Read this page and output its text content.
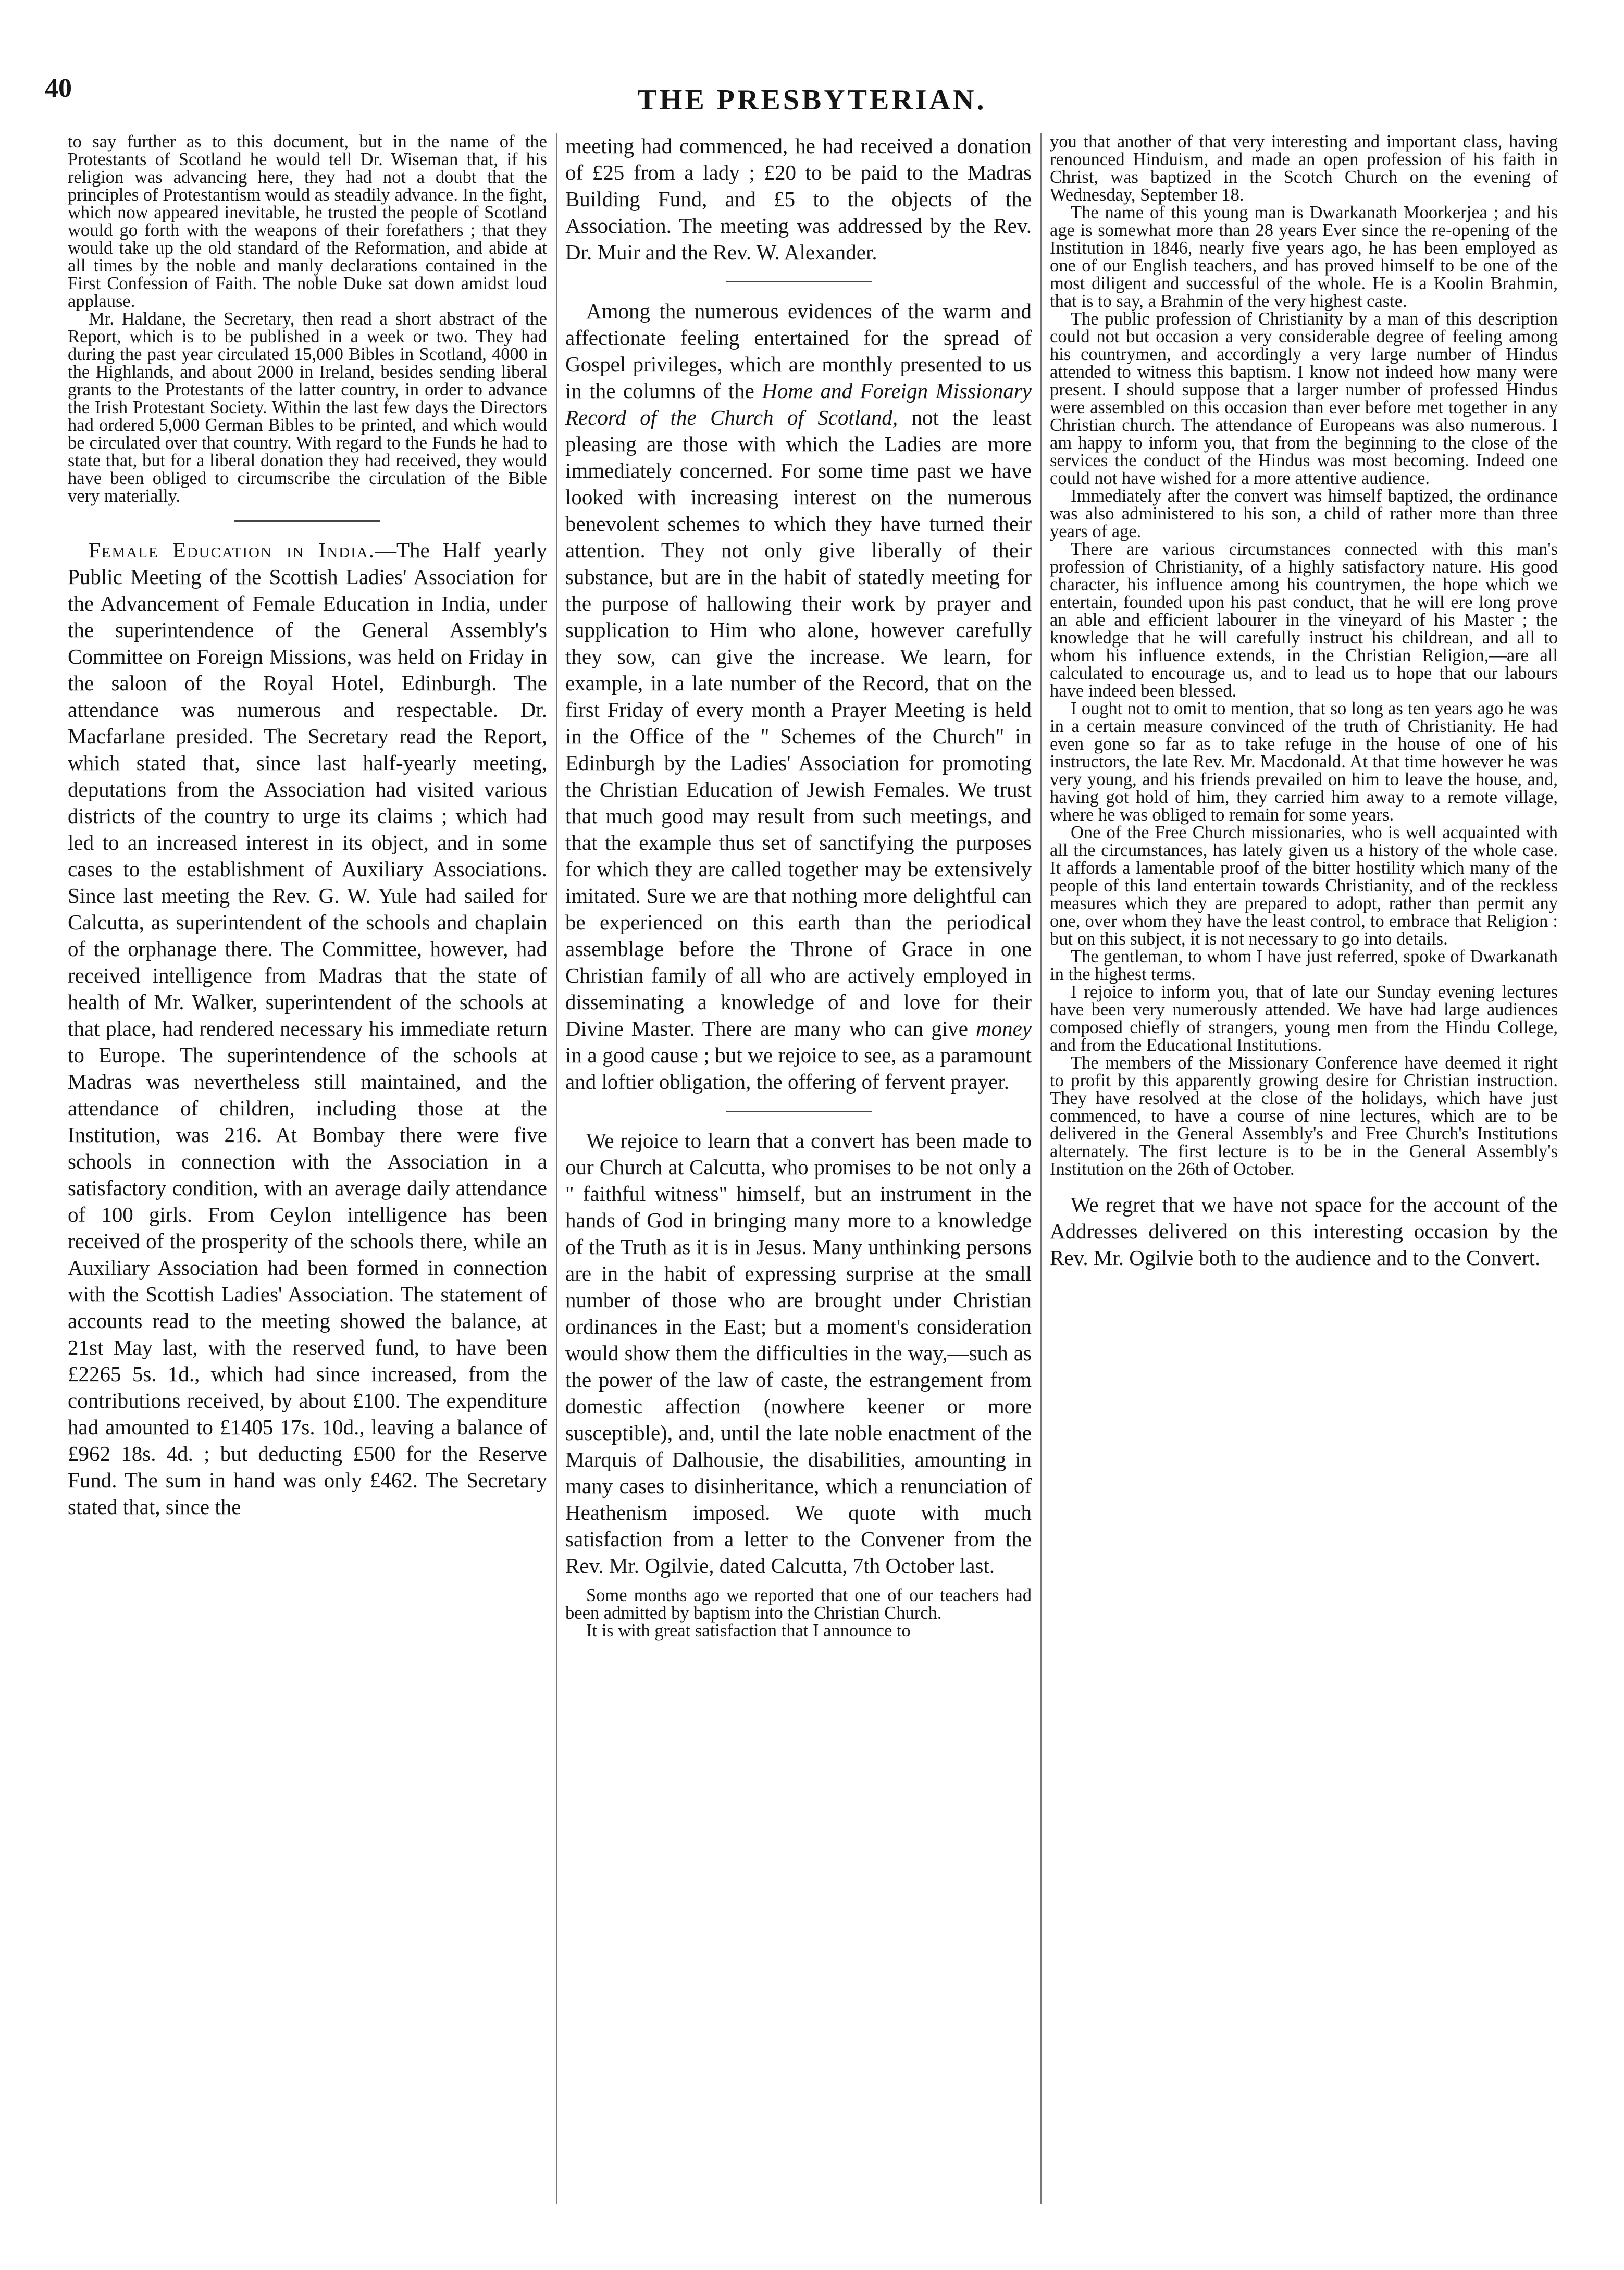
40	THE PRESBYTERIAN.

to say further as to this document, but in the name of the Protestants of Scotland he would tell Dr. Wiseman that, if his religion was advancing here, they had not a doubt that the principles of Protestantism would as steadily advance. In the fight, which now appeared inevitable, he trusted the people of Scotland would go forth with the weapons of their forefathers ; that they would take up the old standard of the Reformation, and abide at all times by the noble and manly declarations contained in the First Confession of Faith. The noble Duke sat down amidst loud applause.

Mr. Haldane, the Secretary, then read a short abstract of the Report, which is to be published in a week or two. They had during the past year circulated 15,000 Bibles in Scotland, 4000 in the Highlands, and about 2000 in Ireland, besides sending liberal grants to the Protestants of the latter country, in order to advance the Irish Protestant Society. Within the last few days the Directors had ordered 5,000 German Bibles to be printed, and which would be circulated over that country. With regard to the Funds he had to state that, but for a liberal donation they had received, they would have been obliged to circumscribe the circulation of the Bible very materially.

Female Education in India.—The Half yearly Public Meeting of the Scottish Ladies' Association for the Advancement of Female Education in India, under the superintendence of the General Assembly's Committee on Foreign Missions, was held on Friday in the saloon of the Royal Hotel, Edinburgh. The attendance was numerous and respectable. Dr. Macfarlane presided. The Secretary read the Report, which stated that, since last half-yearly meeting, deputations from the Association had visited various districts of the country to urge its claims ; which had led to an increased interest in its object, and in some cases to the establishment of Auxiliary Associations. Since last meeting the Rev. G. W. Yule had sailed for Calcutta, as superintendent of the schools and chaplain of the orphanage there. The Committee, however, had received intelligence from Madras that the state of health of Mr. Walker, superintendent of the schools at that place, had rendered necessary his immediate return to Europe. The superintendence of the schools at Madras was nevertheless still maintained, and the attendance of children, including those at the Institution, was 216. At Bombay there were five schools in connection with the Association in a satisfactory condition, with an average daily attendance of 100 girls. From Ceylon intelligence has been received of the prosperity of the schools there, while an Auxiliary Association had been formed in connection with the Scottish Ladies' Association. The statement of accounts read to the meeting showed the balance, at 21st May last, with the reserved fund, to have been £2265 5s. 1d., which had since increased, from the contributions received, by about £100. The expenditure had amounted to £1405 17s. 10d., leaving a balance of £962 18s. 4d. ; but deducting £500 for the Reserve Fund. The sum in hand was only £462. The Secretary stated that, since the

meeting had commenced, he had received a donation of £25 from a lady ; £20 to be paid to the Madras Building Fund, and £5 to the objects of the Association. The meeting was addressed by the Rev. Dr. Muir and the Rev. W. Alexander.

Among the numerous evidences of the warm and affectionate feeling entertained for the spread of Gospel privileges, which are monthly presented to us in the columns of the Home and Foreign Missionary Record of the Church of Scotland, not the least pleasing are those with which the Ladies are more immediately concerned. For some time past we have looked with increasing interest on the numerous benevolent schemes to which they have turned their attention. They not only give liberally of their substance, but are in the habit of statedly meeting for the purpose of hallowing their work by prayer and supplication to Him who alone, however carefully they sow, can give the increase. We learn, for example, in a late number of the Record, that on the first Friday of every month a Prayer Meeting is held in the Office of the " Schemes of the Church" in Edinburgh by the Ladies' Association for promoting the Christian Education of Jewish Females. We trust that much good may result from such meetings, and that the example thus set of sanctifying the purposes for which they are called together may be extensively imitated. Sure we are that nothing more delightful can be experienced on this earth than the periodical assemblage before the Throne of Grace in one Christian family of all who are actively employed in disseminating a knowledge of and love for their Divine Master. There are many who can give money in a good cause ; but we rejoice to see, as a paramount and loftier obligation, the offering of fervent prayer.

We rejoice to learn that a convert has been made to our Church at Calcutta, who promises to be not only a " faithful witness" himself, but an instrument in the hands of God in bringing many more to a knowledge of the Truth as it is in Jesus. Many unthinking persons are in the habit of expressing surprise at the small number of those who are brought under Christian ordinances in the East; but a moment's consideration would show them the difficulties in the way,—such as the power of the law of caste, the estrangement from domestic affection (nowhere keener or more susceptible), and, until the late noble enactment of the Marquis of Dalhousie, the disabilities, amounting in many cases to disinheritance, which a renunciation of Heathenism imposed. We quote with much satisfaction from a letter to the Convener from the Rev. Mr. Ogilvie, dated Calcutta, 7th October last.

Some months ago we reported that one of our teachers had been admitted by baptism into the Christian Church.

It is with great satisfaction that I announce to

you that another of that very interesting and important class, having renounced Hinduism, and made an open profession of his faith in Christ, was baptized in the Scotch Church on the evening of Wednesday, September 18.

The name of this young man is Dwarkanath Moorkerjea ; and his age is somewhat more than 28 years Ever since the re-opening of the Institution in 1846, nearly five years ago, he has been employed as one of our English teachers, and has proved himself to be one of the most diligent and successful of the whole. He is a Koolin Brahmin, that is to say, a Brahmin of the very highest caste.

The public profession of Christianity by a man of this description could not but occasion a very considerable degree of feeling among his countrymen, and accordingly a very large number of Hindus attended to witness this baptism. I know not indeed how many were present. I should suppose that a larger number of professed Hindus were assembled on this occasion than ever before met together in any Christian church. The attendance of Europeans was also numerous. I am happy to inform you, that from the beginning to the close of the services the conduct of the Hindus was most becoming. Indeed one could not have wished for a more attentive audience.

Immediately after the convert was himself baptized, the ordinance was also administered to his son, a child of rather more than three years of age.

There are various circumstances connected with this man's profession of Christianity, of a highly satisfactory nature. His good character, his influence among his countrymen, the hope which we entertain, founded upon his past conduct, that he will ere long prove an able and efficient labourer in the vineyard of his Master ; the knowledge that he will carefully instruct his childrean, and all to whom his influence extends, in the Christian Religion,—are all calculated to encourage us, and to lead us to hope that our labours have indeed been blessed.

I ought not to omit to mention, that so long as ten years ago he was in a certain measure convinced of the truth of Christianity. He had even gone so far as to take refuge in the house of one of his instructors, the late Rev. Mr. Macdonald. At that time however he was very young, and his friends prevailed on him to leave the house, and, having got hold of him, they carried him away to a remote village, where he was obliged to remain for some years.

One of the Free Church missionaries, who is well acquainted with all the circumstances, has lately given us a history of the whole case. It affords a lamentable proof of the bitter hostility which many of the people of this land entertain towards Christianity, and of the reckless measures which they are prepared to adopt, rather than permit any one, over whom they have the least control, to embrace that Religion : but on this subject, it is not necessary to go into details.

The gentleman, to whom I have just referred, spoke of Dwarkanath in the highest terms.

I rejoice to inform you, that of late our Sunday evening lectures have been very numerously attended. We have had large audiences composed chiefly of strangers, young men from the Hindu College, and from the Educational Institutions.

The members of the Missionary Conference have deemed it right to profit by this apparently growing desire for Christian instruction. They have resolved at the close of the holidays, which have just commenced, to have a course of nine lectures, which are to be delivered in the General Assembly's and Free Church's Institutions alternately. The first lecture is to be in the General Assembly's Institution on the 26th of October.

We regret that we have not space for the account of the Addresses delivered on this interesting occasion by the Rev. Mr. Ogilvie both to the audience and to the Convert.
